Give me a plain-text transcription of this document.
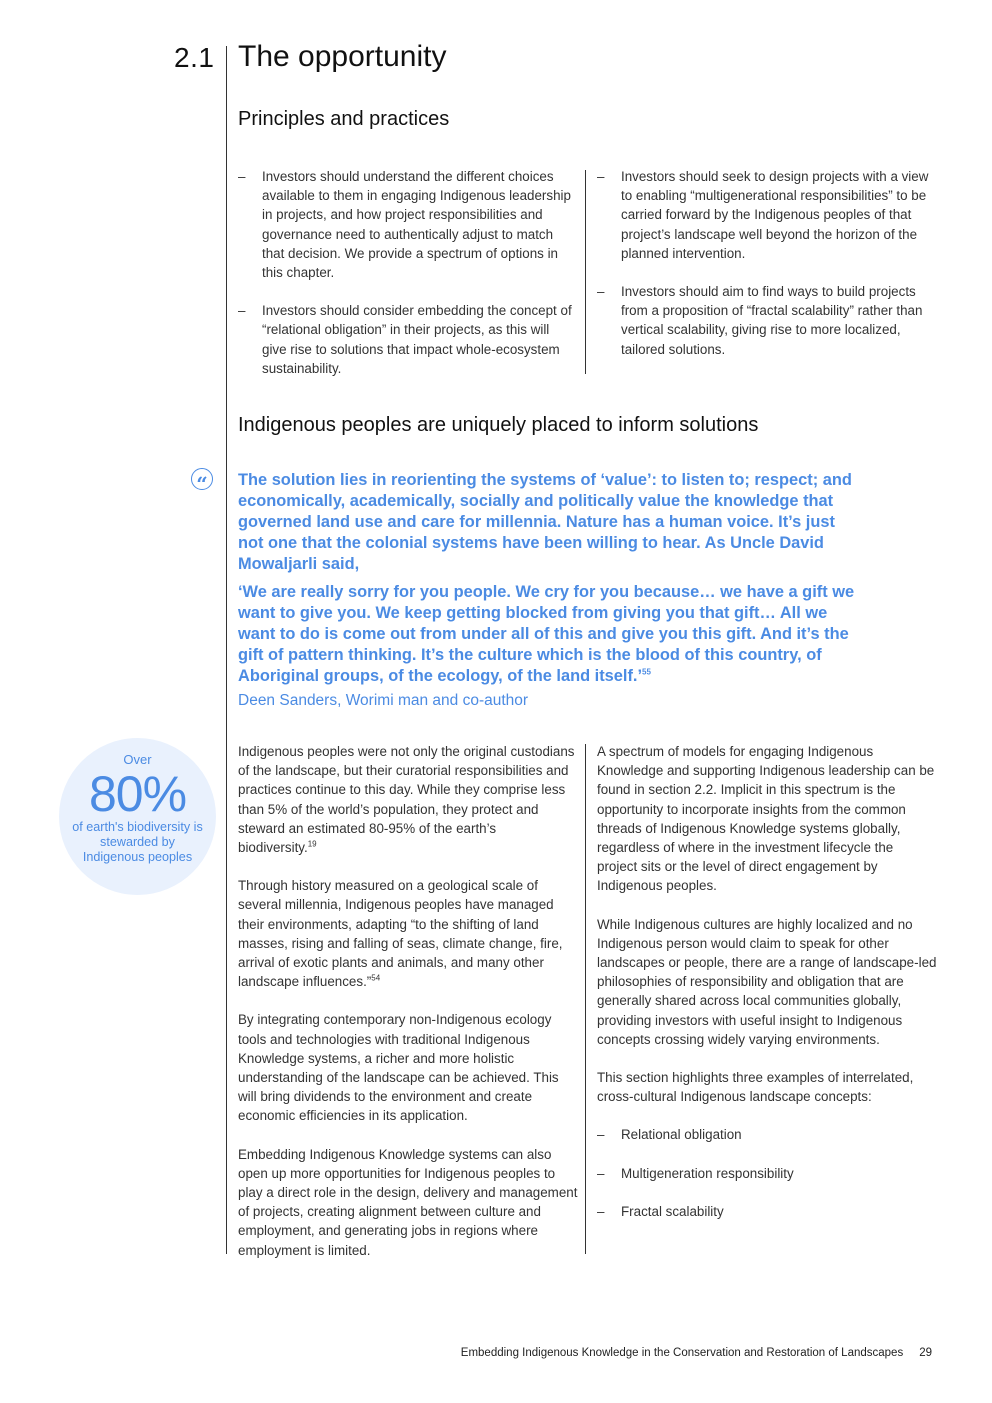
2.1 The opportunity
Principles and practices
– Investors should understand the different choices available to them in engaging Indigenous leadership in projects, and how project responsibilities and governance need to authentically adjust to match that decision. We provide a spectrum of options in this chapter.
– Investors should consider embedding the concept of “relational obligation” in their projects, as this will give rise to solutions that impact whole-ecosystem sustainability.
– Investors should seek to design projects with a view to enabling “multigenerational responsibilities” to be carried forward by the Indigenous peoples of that project’s landscape well beyond the horizon of the planned intervention.
– Investors should aim to find ways to build projects from a proposition of “fractal scalability” rather than vertical scalability, giving rise to more localized, tailored solutions.
Indigenous peoples are uniquely placed to inform solutions
“	The solution lies in reorienting the systems of ‘value’: to listen to; respect; and economically, academically, socially and politically value the knowledge that governed land use and care for millennia. Nature has a human voice. It’s just not one that the colonial systems have been willing to hear. As Uncle David Mowaljarli said,

‘We are really sorry for you people. We cry for you because… we have a gift we want to give you. We keep getting blocked from giving you that gift… All we want to do is come out from under all of this and give you this gift. And it’s the gift of pattern thinking. It’s the culture which is the blood of this country, of Aboriginal groups, of the ecology, of the land itself.’$^{55}$

Deen Sanders, Worimi man and co-author
Over
80%
of earth's biodiversity is stewarded by Indigenous peoples
Indigenous peoples were not only the original custodians of the landscape, but their curatorial responsibilities and practices continue to this day. While they comprise less than 5% of the world’s population, they protect and steward an estimated 80-95% of the earth’s biodiversity.$^{19}$
Through history measured on a geological scale of several millennia, Indigenous peoples have managed their environments, adapting “to the shifting of land masses, rising and falling of seas, climate change, fire, arrival of exotic plants and animals, and many other landscape influences.”$^{54}$
By integrating contemporary non-Indigenous ecology tools and technologies with traditional Indigenous Knowledge systems, a richer and more holistic understanding of the landscape can be achieved. This will bring dividends to the environment and create economic efficiencies in its application.
Embedding Indigenous Knowledge systems can also open up more opportunities for Indigenous peoples to play a direct role in the design, delivery and management of projects, creating alignment between culture and employment, and generating jobs in regions where employment is limited.
A spectrum of models for engaging Indigenous Knowledge and supporting Indigenous leadership can be found in section 2.2. Implicit in this spectrum is the opportunity to incorporate insights from the common threads of Indigenous Knowledge systems globally, regardless of where in the investment lifecycle the project sits or the level of direct engagement by Indigenous peoples.
While Indigenous cultures are highly localized and no Indigenous person would claim to speak for other landscapes or people, there are a range of landscape-led philosophies of responsibility and obligation that are generally shared across local communities globally, providing investors with useful insight to Indigenous concepts crossing widely varying environments.
This section highlights three examples of interrelated, cross-cultural Indigenous landscape concepts:
– Relational obligation
– Multigeneration responsibility
– Fractal scalability
Embedding Indigenous Knowledge in the Conservation and Restoration of Landscapes 29
